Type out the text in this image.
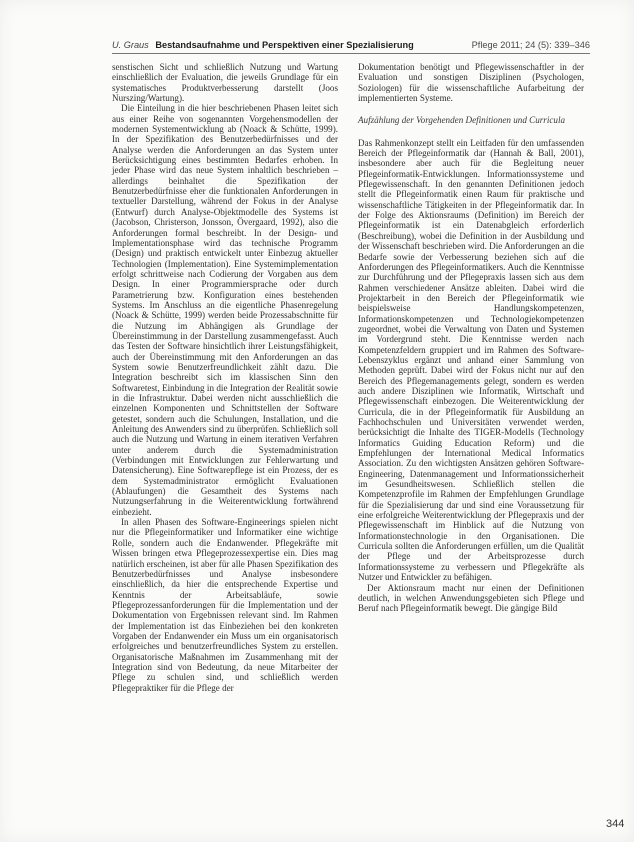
U. Graus Bestandsaufnahme und Perspektiven einer Spezialisierung	Pflege 2011; 24 (5): 339–346

senstischen Sicht und schließlich Nutzung und Wartung einschließlich der Evaluation, die jeweils Grundlage für ein systematisches Produktverbesserung darstellt (Joos Nurszing/Wartung).

Die Einteilung in die hier beschriebenen Phasen leitet sich aus einer Reihe von sogenannten Vorgehensmodellen der modernen Systementwicklung ab (Noack & Schütte, 1999). In der Spezifikation des Benutzerbedürfnisses und der Analyse werden die Anforderungen an das System unter Berücksichtigung eines bestimmten Bedarfes erhoben. In jeder Phase wird das neue System inhaltlich beschrieben – allerdings beinhaltet die Spezifikation der Benutzerbedürfnisse eher die funktionalen Anforderungen in textueller Darstellung, während der Fokus in der Analyse (Entwurf) durch Analyse-Objektmodelle des Systems ist (Jacobson, Christerson, Jonsson, Övergaard, 1992), also die Anforderungen formal beschreibt. In der Design- und Implementationsphase wird das technische Programm (Design) und praktisch entwickelt unter Einbezug aktueller Technologien (Implementation). Eine Systemimplementation erfolgt schrittweise nach Codierung der Vorgaben aus dem Design. In einer Programmiersprache oder durch Parametrierung bzw. Konfiguration eines bestehenden Systems. Im Anschluss an die eigentliche Phasenregelung (Noack & Schütte, 1999) werden beide Prozessabschnitte für die Nutzung im Abhängigen als Grundlage der Übereinstimmung in der Darstellung zusammengefasst. Auch das Testen der Software hinsichtlich ihrer Leistungsfähigkeit, auch der Übereinstimmung mit den Anforderungen an das System sowie Benutzerfreundlichkeit zählt dazu. Die Integration beschreibt sich im klassischen Sinn den Softwaretest, Einbindung in die Integration der Realität sowie in die Infrastruktur. Dabei werden nicht ausschließlich die einzelnen Komponenten und Schnittstellen der Software getestet, sondern auch die Schulungen, Installation, und die Anleitung des Anwenders sind zu überprüfen. Schließlich soll auch die Nutzung und Wartung in einem iterativen Verfahren unter anderem durch die Systemadministration (Verbindungen mit Entwicklungen zur Fehlerwartung und Datensicherung). Eine Softwarepflege ist ein Prozess, der es dem Systemadministrator ermöglicht Evaluationen (Ablaufungen) die Gesamtheit des Systems nach Nutzungserfahrung in die Weiterentwicklung fortwährend einbezieht.

In allen Phasen des Software-Engineerings spielen nicht nur die Pflegeinformatiker und Informatiker eine wichtige Rolle, sondern auch die Endanwender. Pflegekräfte mit Wissen bringen etwa Pflegeprozessexpertise ein. Dies mag natürlich erscheinen, ist aber für alle Phasen Spezifikation des Benutzerbedürfnisses und Analyse insbesondere einschließlich, da hier die entsprechende Expertise und Kenntnis der Arbeitsabläufe, sowie Pflegeprozessanforderungen für die Implementation und der Dokumentation von Ergebnissen relevant sind. Im Rahmen der Implementation ist das Einbeziehen bei den konkreten Vorgaben der Endanwender ein Muss um ein organisatorisch erfolgreiches und benutzerfreundliches System zu erstellen. Organisatorische Maßnahmen im Zusammenhang mit der Integration sind von Bedeutung, da neue Mitarbeiter der Pflege zu schulen sind, und schließlich werden Pflegepraktiker für die Pflege der

Dokumentation benötigt und Pflegewissenschaftler in der Evaluation und sonstigen Disziplinen (Psychologen, Soziologen) für die wissenschaftliche Aufarbeitung der implementierten Systeme.

Aufzählung der Vorgehenden Definitionen und Curricula

Das Rahmenkonzept stellt ein Leitfaden für den umfassenden Bereich der Pflegeinformatik dar (Hannah & Ball, 2001), insbesondere aber auch für die Begleitung neuer Pflegeinformatik-Entwicklungen. Informationssysteme und Pflegewissenschaft. In den genannten Definitionen jedoch stellt die Pflegeinformatik einen Raum für praktische und wissenschaftliche Tätigkeiten in der Pflegeinformatik dar. In der Folge des Aktionsraums (Definition) im Bereich der Pflegeinformatik ist ein Datenabgleich erforderlich (Beschreibung), wobei die Definition in der Ausbildung und der Wissenschaft beschrieben wird. Die Anforderungen an die Bedarfe sowie der Verbesserung beziehen sich auf die Anforderungen des Pflegeinformatikers. Auch die Kenntnisse zur Durchführung und der Pflegepraxis lassen sich aus dem Rahmen verschiedener Ansätze ableiten. Dabei wird die Projektarbeit in den Bereich der Pflegeinformatik wie beispielsweise Handlungskompetenzen, Informationskompetenzen und Technologiekompetenzen zugeordnet, wobei die Verwaltung von Daten und Systemen im Vordergrund steht. Die Kenntnisse werden nach Kompetenzfeldern gruppiert und im Rahmen des Software-Lebenszyklus ergänzt und anhand einer Sammlung von Methoden geprüft. Dabei wird der Fokus nicht nur auf den Bereich des Pflegemanagements gelegt, sondern es werden auch andere Disziplinen wie Informatik, Wirtschaft und Pflegewissenschaft einbezogen. Die Weiterentwicklung der Curricula, die in der Pflegeinformatik für Ausbildung an Fachhochschulen und Universitäten verwendet werden, berücksichtigt die Inhalte des TIGER-Modells (Technology Informatics Guiding Education Reform) und die Empfehlungen der International Medical Informatics Association. Zu den wichtigsten Ansätzen gehören Software-Engineering, Datenmanagement und Informationssicherheit im Gesundheitswesen. Schließlich stellen die Kompetenzprofile im Rahmen der Empfehlungen Grundlage für die Spezialisierung dar und sind eine Voraussetzung für eine erfolgreiche Weiterentwicklung der Pflegepraxis und der Pflegewissenschaft im Hinblick auf die Nutzung von Informationstechnologie in den Organisationen. Die Curricula sollten die Anforderungen erfüllen, um die Qualität der Pflege und der Arbeitsprozesse durch Informationssysteme zu verbessern und Pflegekräfte als Nutzer und Entwickler zu befähigen.

Der Aktionsraum macht nur einen der Definitionen deutlich, in welchen Anwendungsgebieten sich Pflege und Beruf nach Pflegeinformatik bewegt. Die gängige Bild

344
